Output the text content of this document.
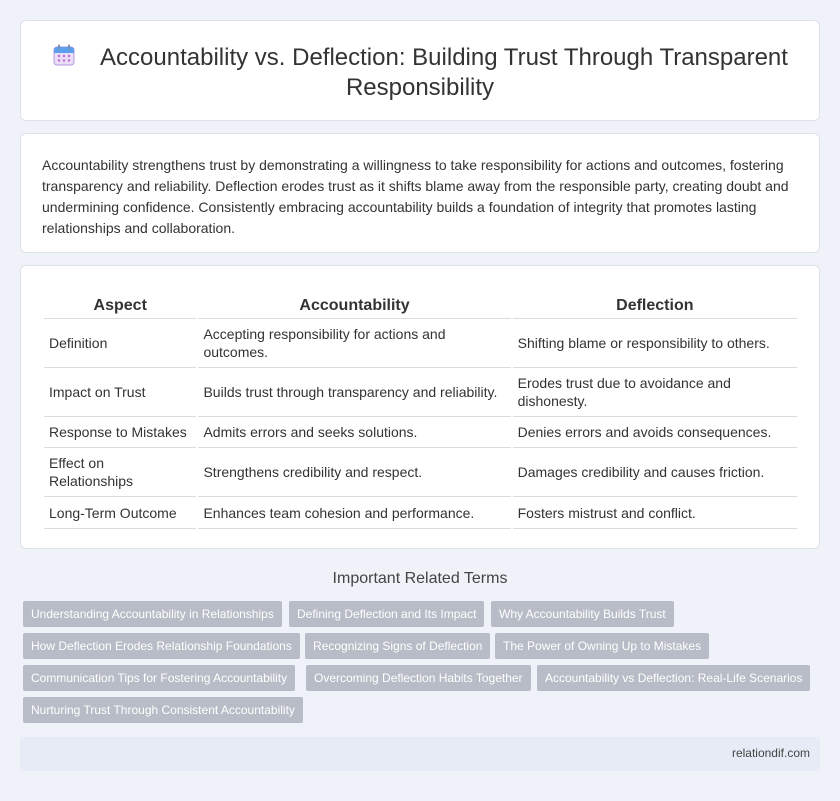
Accountability vs. Deflection: Building Trust Through Transparent Responsibility

Accountability strengthens trust by demonstrating a willingness to take responsibility for actions and outcomes, fostering transparency and reliability. Deflection erodes trust as it shifts blame away from the responsible party, creating doubt and undermining confidence. Consistently embracing accountability builds a foundation of integrity that promotes lasting relationships and collaboration.

Aspect	Accountability	Deflection
Definition	Accepting responsibility for actions and outcomes.	Shifting blame or responsibility to others.
Impact on Trust	Builds trust through transparency and reliability.	Erodes trust due to avoidance and dishonesty.
Response to Mistakes	Admits errors and seeks solutions.	Denies errors and avoids consequences.
Effect on Relationships	Strengthens credibility and respect.	Damages credibility and causes friction.
Long-Term Outcome	Enhances team cohesion and performance.	Fosters mistrust and conflict.
Important Related Terms
Understanding Accountability in Relationships	Defining Deflection and Its Impact	Why Accountability Builds Trust
How Deflection Erodes Relationship Foundations	Recognizing Signs of Deflection	The Power of Owning Up to Mistakes
Communication Tips for Fostering Accountability	Overcoming Deflection Habits Together	Accountability vs Deflection: Real-Life Scenarios
Nurturing Trust Through Consistent Accountability
relationdif.com
